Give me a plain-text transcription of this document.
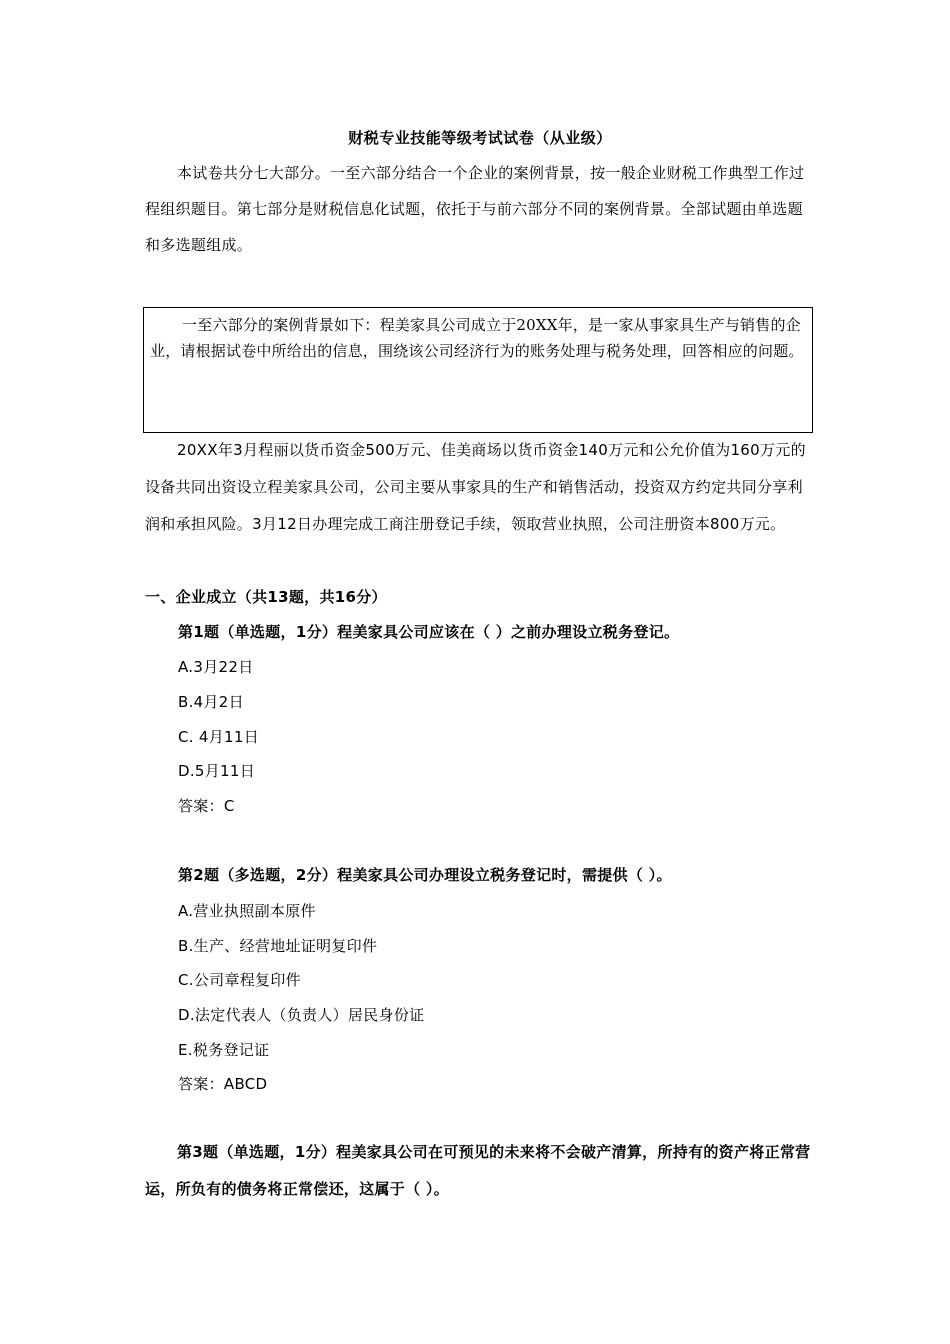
财税专业技能等级考试试卷（从业级）
本试卷共分七大部分。一至六部分结合一个企业的案例背景，按一般企业财税工作典型工作过程组织题目。第七部分是财税信息化试题，依托于与前六部分不同的案例背景。全部试题由单选题和多选题组成。

一至六部分的案例背景如下：程美家具公司成立于20XX年，是一家从事家具生产与销售的企业，请根据试卷中所给出的信息，围绕该公司经济行为的账务处理与税务处理，回答相应的问题。

20XX年3月程丽以货币资金500万元、佳美商场以货币资金140万元和公允价值为160万元的设备共同出资设立程美家具公司，公司主要从事家具的生产和销售活动，投资双方约定共同分享利润和承担风险。3月12日办理完成工商注册登记手续，领取营业执照，公司注册资本800万元。
一、企业成立（共13题，共16分）
第1题（单选题，1分）程美家具公司应该在（ ）之前办理设立税务登记。
A.3月22日
B.4月2日
C. 4月11日
D.5月11日
答案：C
第2题（多选题，2分）程美家具公司办理设立税务登记时，需提供（ ）。
A.营业执照副本原件
B.生产、经营地址证明复印件
C.公司章程复印件
D.法定代表人（负责人）居民身份证
E.税务登记证
答案：ABCD
第3题（单选题，1分）程美家具公司在可预见的未来将不会破产清算，所持有的资产将正常营运，所负有的债务将正常偿还，这属于（ ）。
